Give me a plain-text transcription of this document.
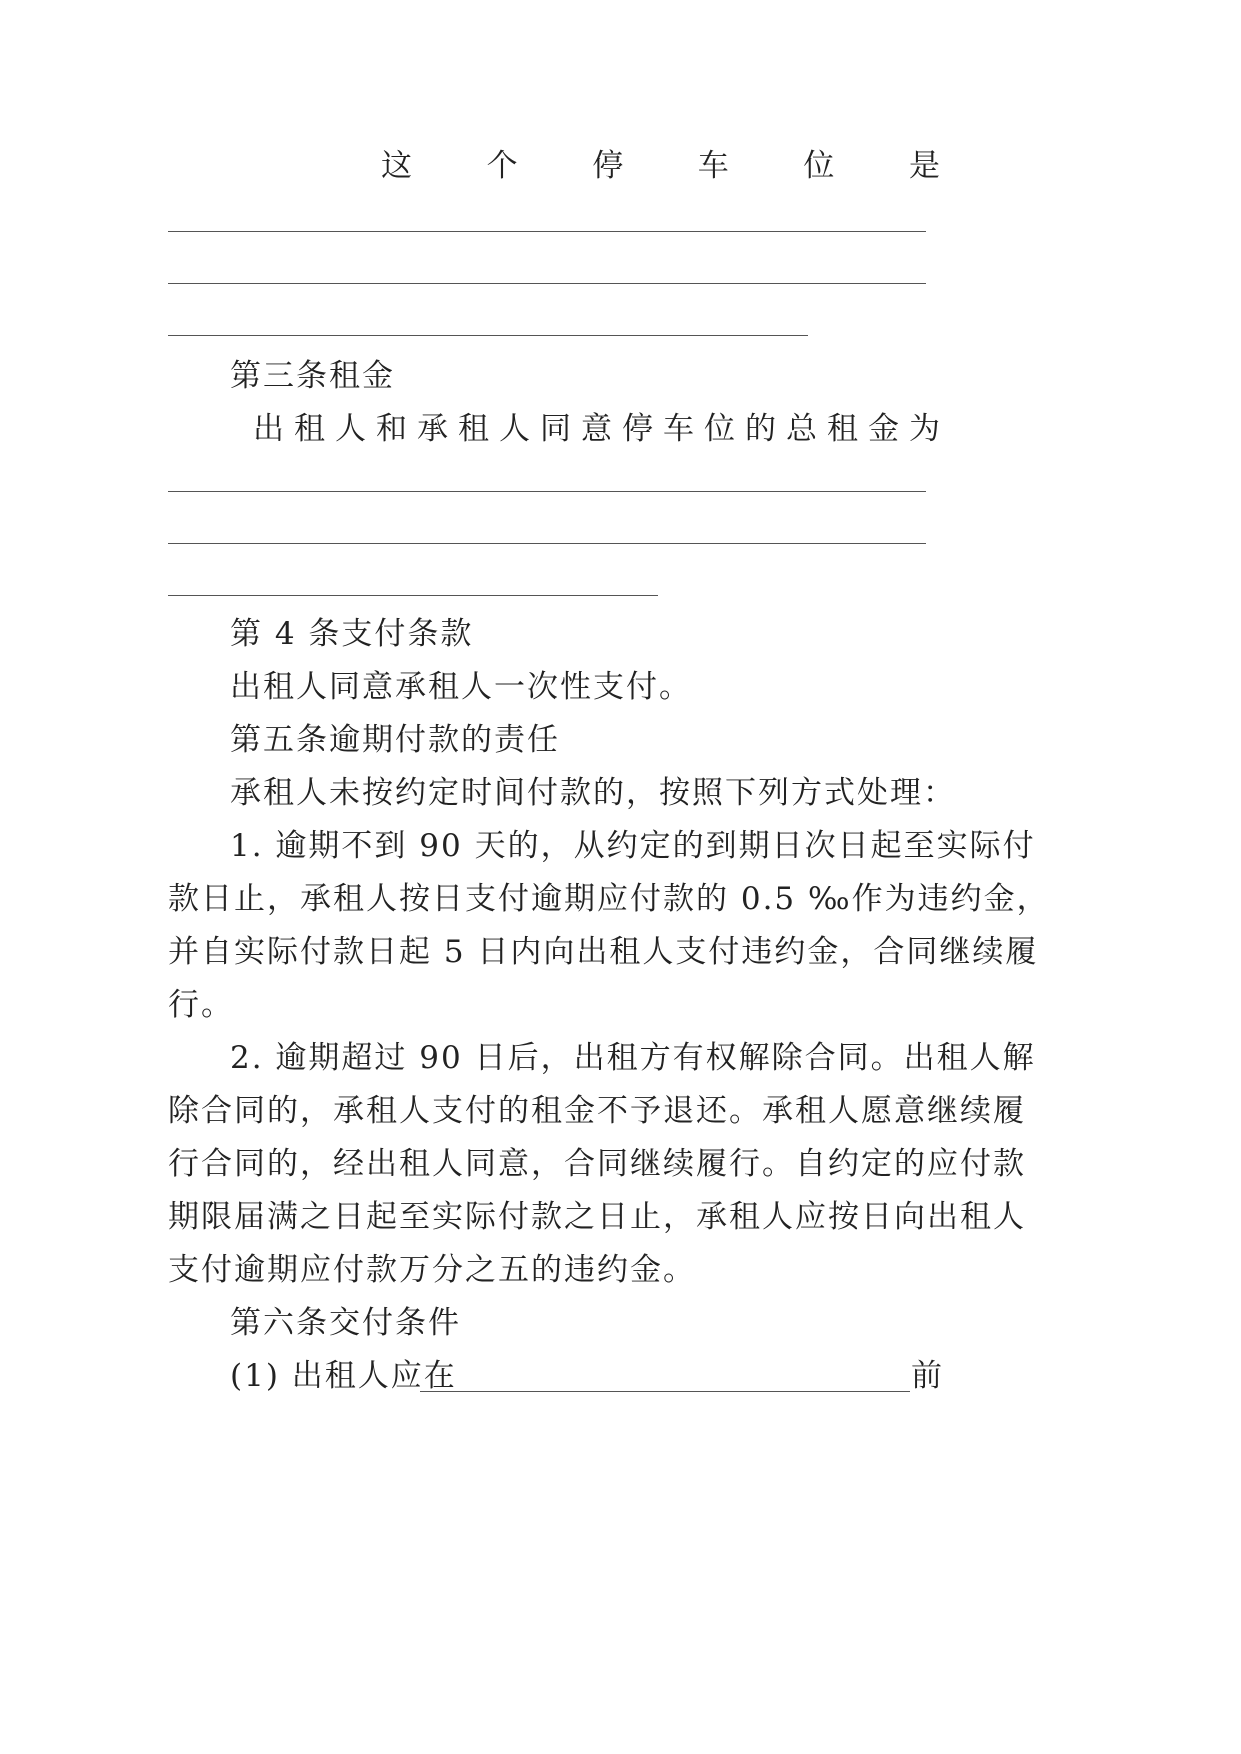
这 个 停 车 位 是
第三条租金
出 租 人 和 承 租 人 同 意 停 车 位 的 总 租 金 为
第 4 条支付条款
出租人同意承租人一次性支付。
第五条逾期付款的责任
承租人未按约定时间付款的，按照下列方式处理：
1. 逾期不到 90 天的，从约定的到期日次日起至实际付
款日止，承租人按日支付逾期应付款的 0.5 ‰作为违约金，
并自实际付款日起 5 日内向出租人支付违约金，合同继续履
行。
2. 逾期超过 90 日后，出租方有权解除合同。出租人解
除合同的，承租人支付的租金不予退还。承租人愿意继续履
行合同的，经出租人同意，合同继续履行。自约定的应付款
期限届满之日起至实际付款之日止，承租人应按日向出租人
支付逾期应付款万分之五的违约金。
第六条交付条件
(1) 出租人应在	前
